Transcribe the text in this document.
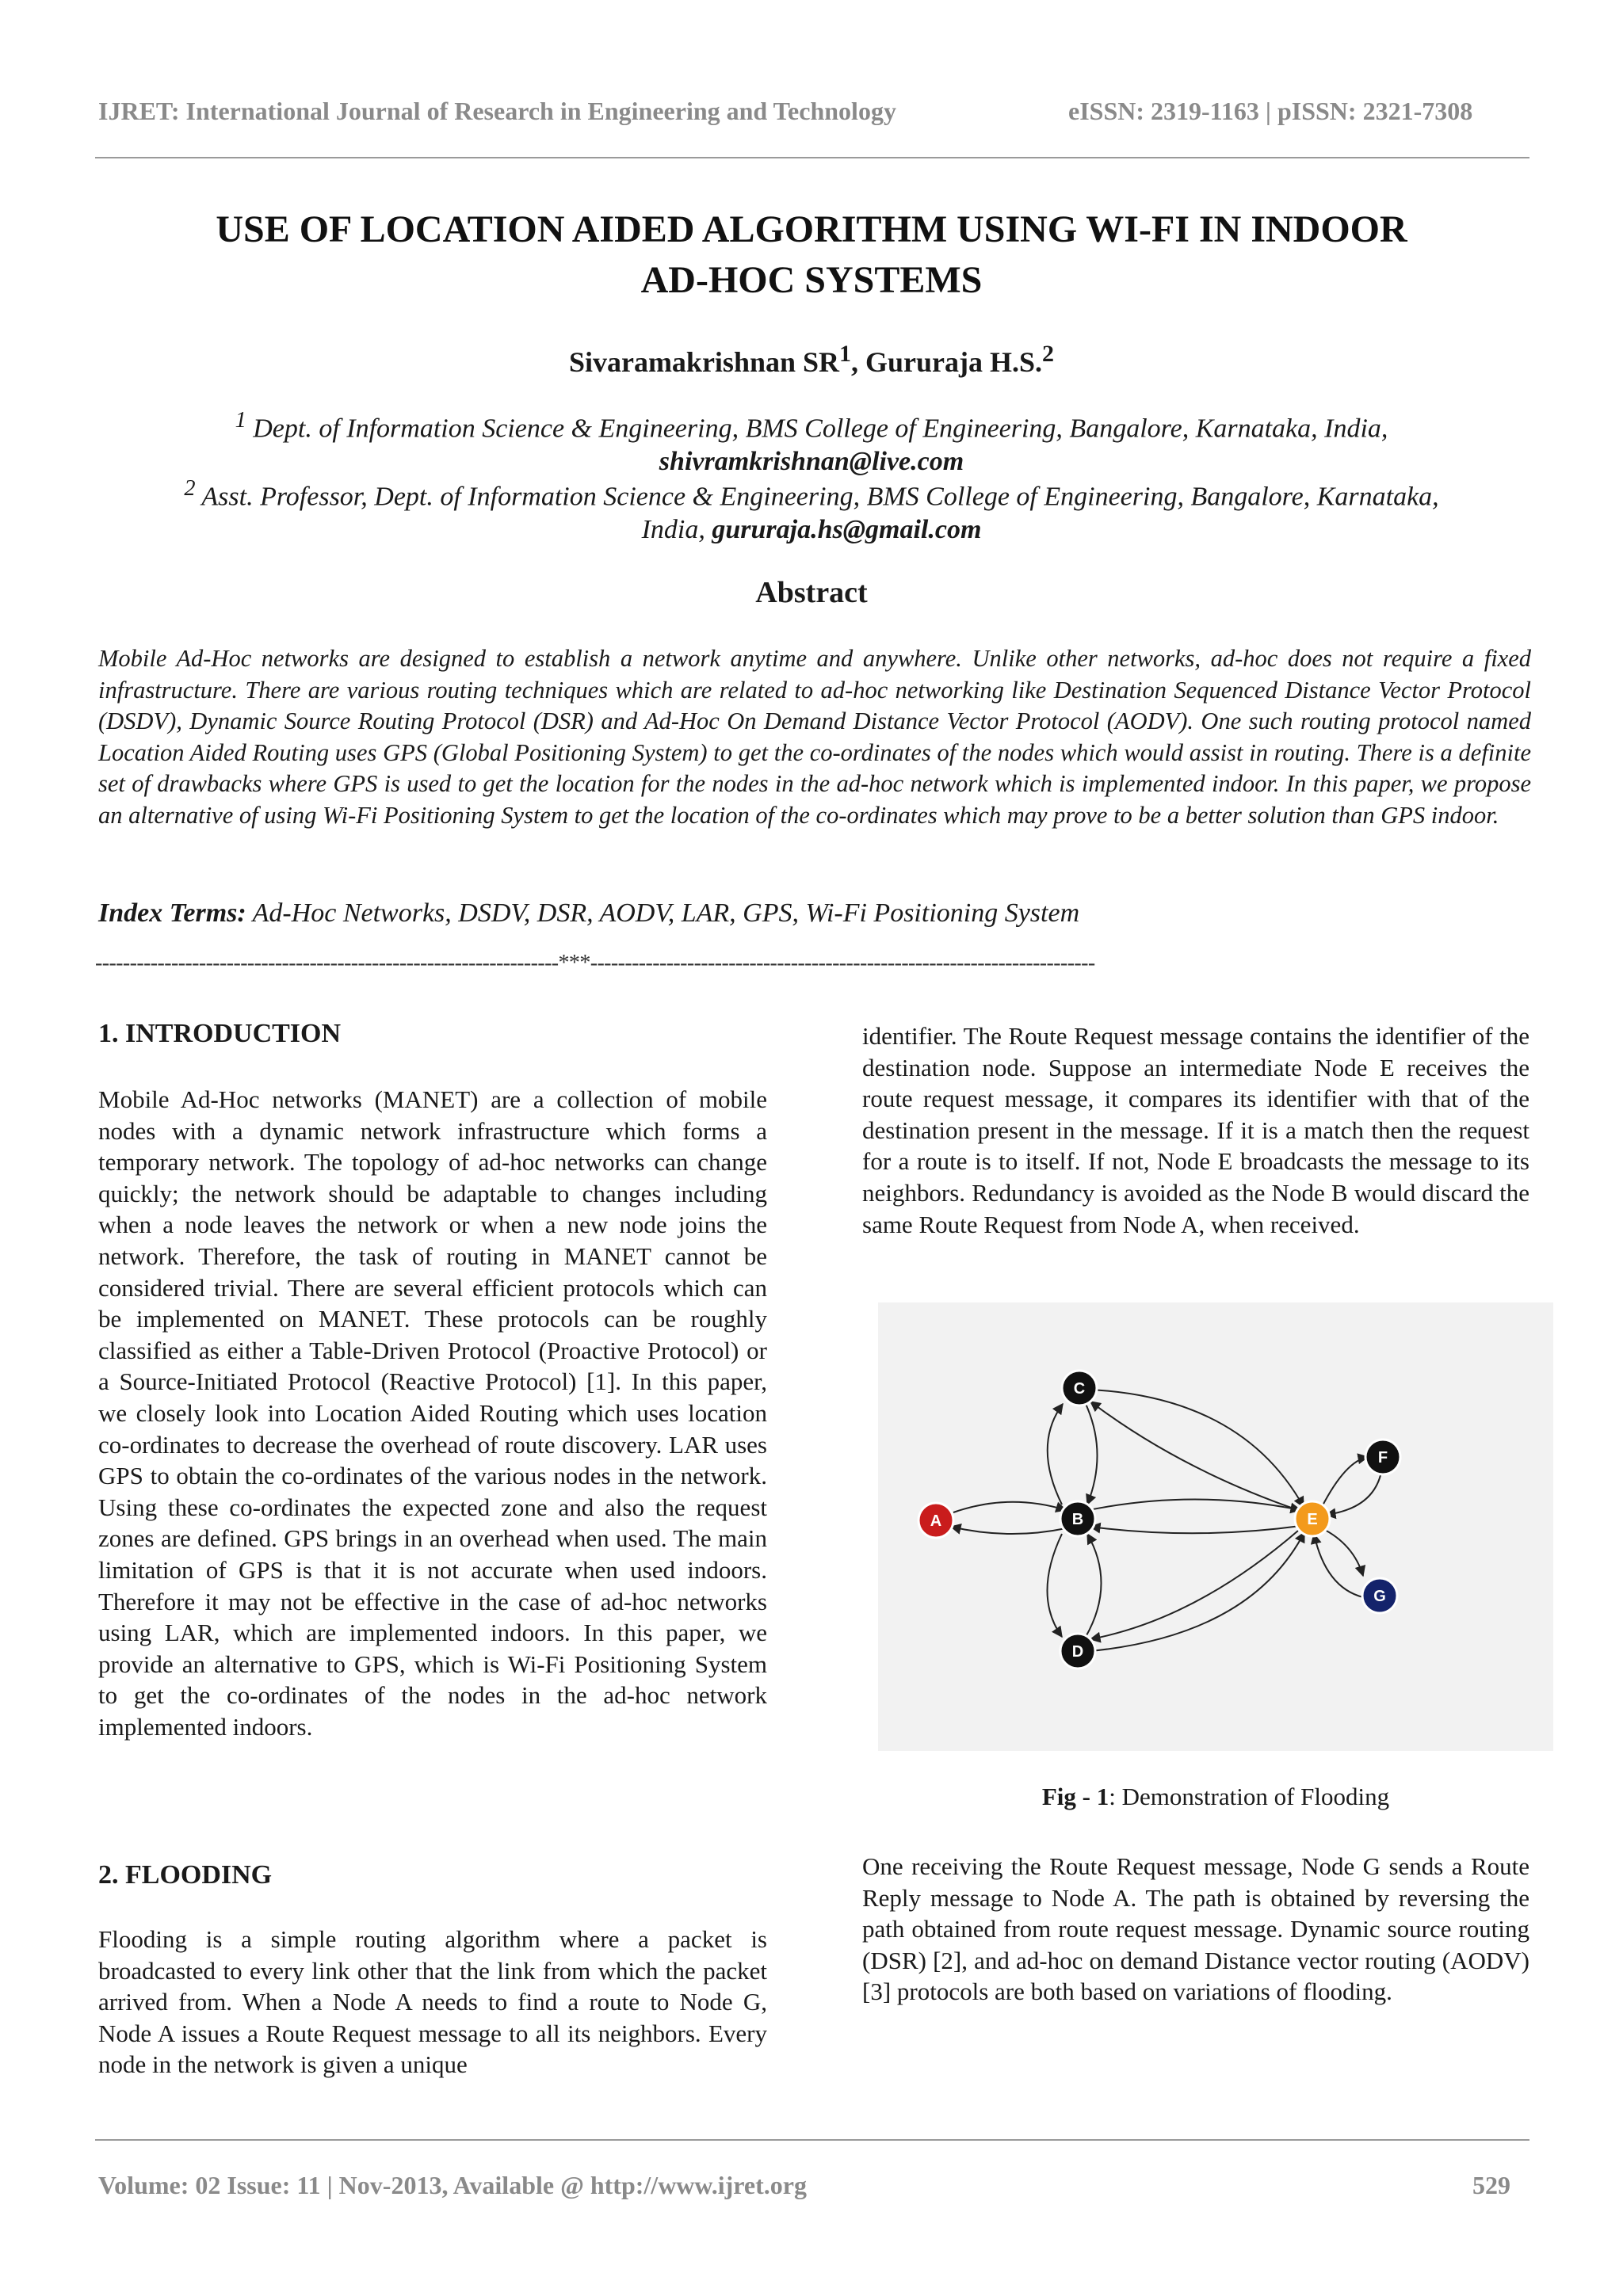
IJRET: International Journal of Research in Engineering and Technology	eISSN: 2319-1163 | pISSN: 2321-7308
USE OF LOCATION AIDED ALGORITHM USING WI-FI IN INDOOR
AD-HOC SYSTEMS
Sivaramakrishnan $SR^1$, Gururaja H.S.$^2$
$^1$ Dept. of Information Science & Engineering, BMS College of Engineering, Bangalore, Karnataka, India,
shivramkrishnan@live.com
$^2$ Asst. Professor, Dept. of Information Science & Engineering, BMS College of Engineering, Bangalore, Karnataka,
India, gururaja.hs@gmail.com
Abstract
Mobile Ad-Hoc networks are designed to establish a network anytime and anywhere. Unlike other networks, ad-hoc does not require a fixed infrastructure. There are various routing techniques which are related to ad-hoc networking like Destination Sequenced Distance Vector Protocol (DSDV), Dynamic Source Routing Protocol (DSR) and Ad-Hoc On Demand Distance Vector Protocol (AODV). One such routing protocol named Location Aided Routing uses GPS (Global Positioning System) to get the co-ordinates of the nodes which would assist in routing. There is a definite set of drawbacks where GPS is used to get the location for the nodes in the ad-hoc network which is implemented indoor. In this paper, we propose an alternative of using Wi-Fi Positioning System to get the location of the co-ordinates which may prove to be a better solution than GPS indoor.
Index Terms: Ad-Hoc Networks, DSDV, DSR, AODV, LAR, GPS, Wi-Fi Positioning System
-------------------------------------------------------------------***-------------------------------------------------------------------------
1. INTRODUCTION

Mobile Ad-Hoc networks (MANET) are a collection of mobile nodes with a dynamic network infrastructure which forms a temporary network. The topology of ad-hoc networks can change quickly; the network should be adaptable to changes including when a node leaves the network or when a new node joins the network. Therefore, the task of routing in MANET cannot be considered trivial. There are several efficient protocols which can be implemented on MANET. These protocols can be roughly classified as either a Table-Driven Protocol (Proactive Protocol) or a Source-Initiated Protocol (Reactive Protocol) [1]. In this paper, we closely look into Location Aided Routing which uses location co-ordinates to decrease the overhead of route discovery. LAR uses GPS to obtain the co-ordinates of the various nodes in the network. Using these co-ordinates the expected zone and also the request zones are defined. GPS brings in an overhead when used. The main limitation of GPS is that it is not accurate when used indoors. Therefore it may not be effective in the case of ad-hoc networks using LAR, which are implemented indoors. In this paper, we provide an alternative to GPS, which is Wi-Fi Positioning System to get the co-ordinates of the nodes in the ad-hoc network implemented indoors.

2. FLOODING

Flooding is a simple routing algorithm where a packet is broadcasted to every link other that the link from which the packet arrived from. When a Node A needs to find a route to Node G, Node A issues a Route Request message to all its neighbors. Every node in the network is given a unique

identifier. The Route Request message contains the identifier of the destination node. Suppose an intermediate Node E receives the route request message, it compares its identifier with that of the destination present in the message. If it is a match then the request for a route is to itself. If not, Node E broadcasts the message to its neighbors. Redundancy is avoided as the Node B would discard the same Route Request from Node A, when received.

C
F
A	B	E
G
D
Fig - 1: Demonstration of Flooding

One receiving the Route Request message, Node G sends a Route Reply message to Node A. The path is obtained by reversing the path obtained from route request message. Dynamic source routing (DSR) [2], and ad-hoc on demand Distance vector routing (AODV) [3] protocols are both based on variations of flooding.

Volume: 02 Issue: 11 | Nov-2013, Available @ http://www.ijret.org	529
